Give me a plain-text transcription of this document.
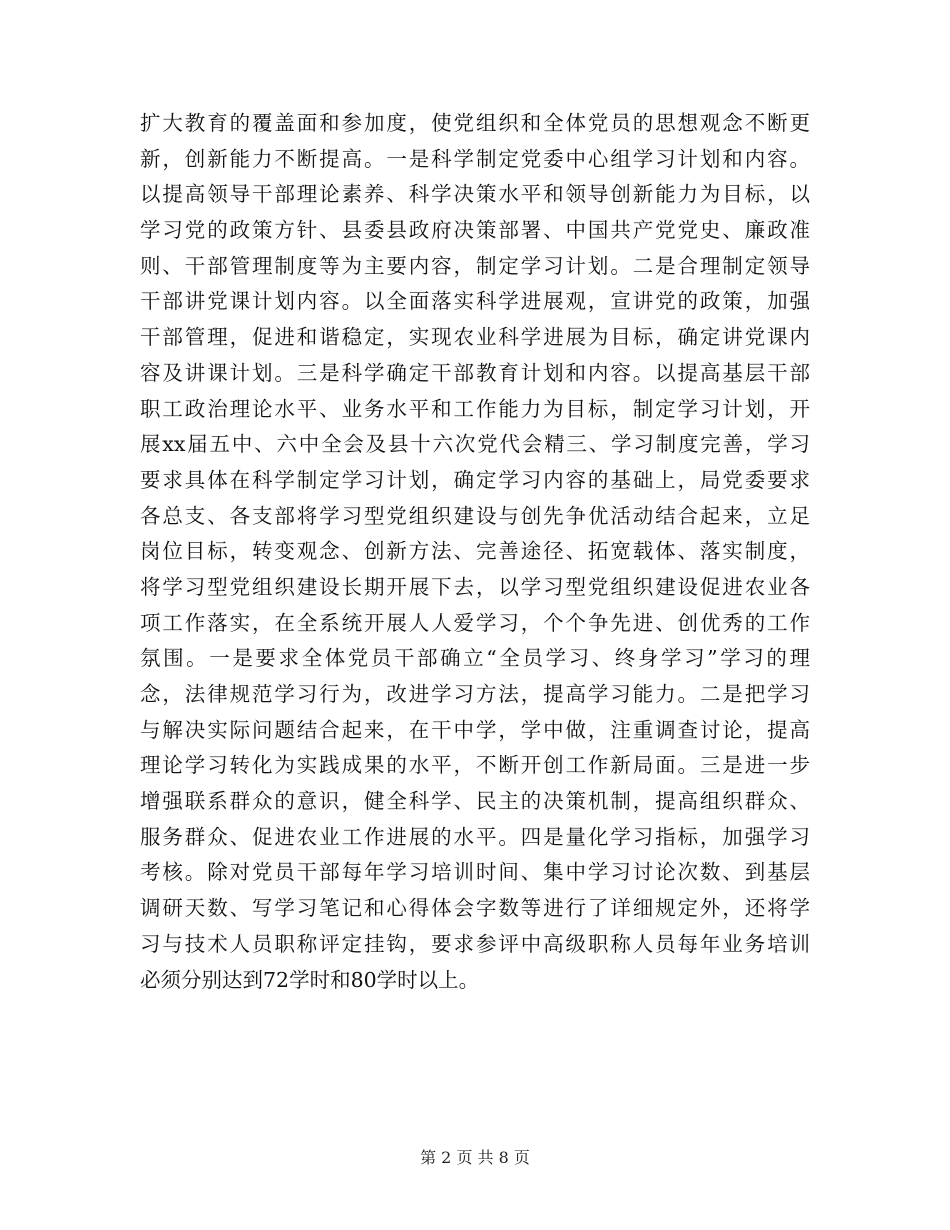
扩大教育的覆盖面和参加度，使党组织和全体党员的思想观念不断更
新，创新能力不断提高。一是科学制定党委中心组学习计划和内容。
以提高领导干部理论素养、科学决策水平和领导创新能力为目标，以
学习党的政策方针、县委县政府决策部署、中国共产党党史、廉政准
则、干部管理制度等为主要内容，制定学习计划。二是合理制定领导
干部讲党课计划内容。以全面落实科学进展观，宣讲党的政策，加强
干部管理，促进和谐稳定，实现农业科学进展为目标，确定讲党课内
容及讲课计划。三是科学确定干部教育计划和内容。以提高基层干部
职工政治理论水平、业务水平和工作能力为目标，制定学习计划，开
展xx届五中、六中全会及县十六次党代会精三、学习制度完善，学习
要求具体在科学制定学习计划，确定学习内容的基础上，局党委要求
各总支、各支部将学习型党组织建设与创先争优活动结合起来，立足
岗位目标，转变观念、创新方法、完善途径、拓宽载体、落实制度，
将学习型党组织建设长期开展下去，以学习型党组织建设促进农业各
项工作落实，在全系统开展人人爱学习，个个争先进、创优秀的工作
氛围。一是要求全体党员干部确立“全员学习、终身学习”学习的理
念，法律规范学习行为，改进学习方法，提高学习能力。二是把学习
与解决实际问题结合起来，在干中学，学中做，注重调查讨论，提高
理论学习转化为实践成果的水平，不断开创工作新局面。三是进一步
增强联系群众的意识，健全科学、民主的决策机制，提高组织群众、
服务群众、促进农业工作进展的水平。四是量化学习指标，加强学习
考核。除对党员干部每年学习培训时间、集中学习讨论次数、到基层
调研天数、写学习笔记和心得体会字数等进行了详细规定外，还将学
习与技术人员职称评定挂钩，要求参评中高级职称人员每年业务培训
必须分别达到72学时和80学时以上。
第 2 页 共 8 页
